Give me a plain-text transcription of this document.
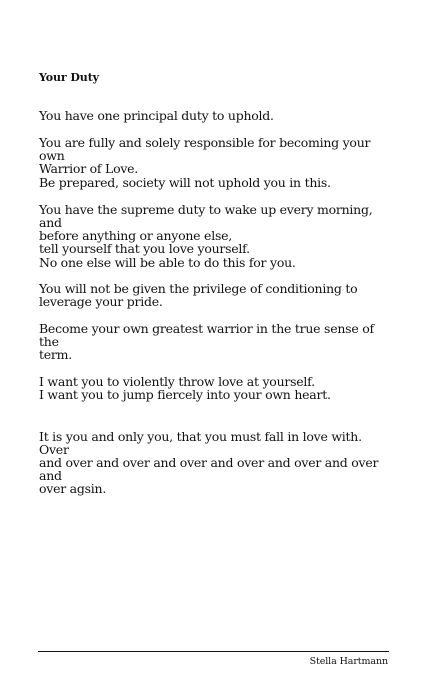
Your Duty
You have one principal duty to uphold.
You are fully and solely responsible for becoming your own
Warrior of Love.
Be prepared, society will not uphold you in this.
You have the supreme duty to wake up every morning, and
before anything or anyone else,
tell yourself that you love yourself.
No one else will be able to do this for you.
You will not be given the privilege of conditioning to
leverage your pride.
Become your own greatest warrior in the true sense of the
term.
I want you to violently throw love at yourself.
I want you to jump fiercely into your own heart.
It is you and only you, that you must fall in love with. Over
and over and over and over and over and over and over and
over agsin.
Stella Hartmann
